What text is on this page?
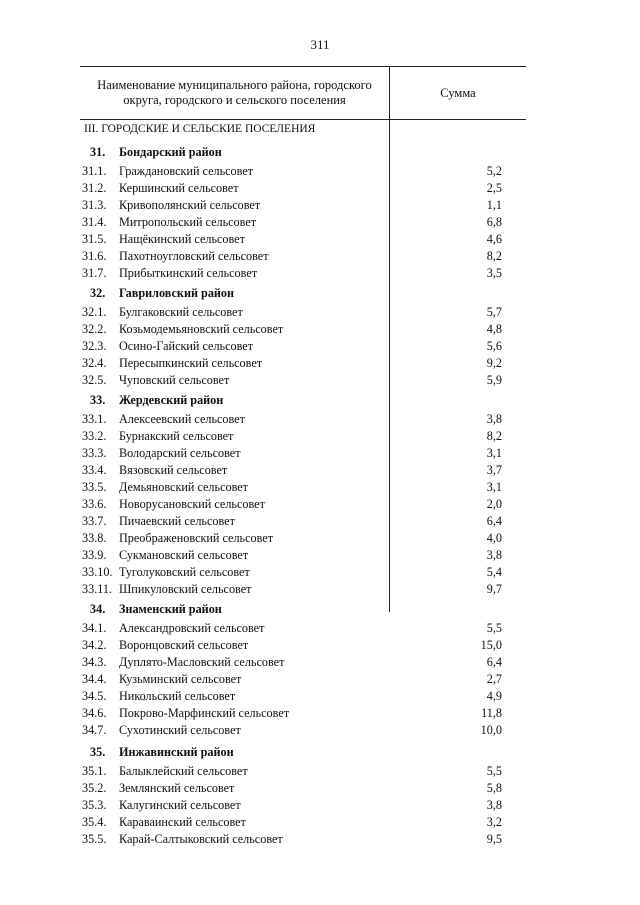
311
Наименование муниципального района, городского округа, городского и сельского поселения
Сумма
III. ГОРОДСКИЕ И СЕЛЬСКИЕ ПОСЕЛЕНИЯ
31.	Бондарский район
31.1.	Граждановский сельсовет	5,2
31.2.	Кершинский сельсовет	2,5
31.3.	Кривополянский сельсовет	1,1
31.4.	Митропольский сельсовет	6,8
31.5.	Нащёкинский сельсовет	4,6
31.6.	Пахотноугловский сельсовет	8,2
31.7.	Прибыткинский сельсовет	3,5
32.	Гавриловский район
32.1.	Булгаковский сельсовет	5,7
32.2.	Козьмодемьяновский сельсовет	4,8
32.3.	Осино-Гайский сельсовет	5,6
32.4.	Пересыпкинский сельсовет	9,2
32.5.	Чуповский сельсовет	5,9
33.	Жердевский район
33.1.	Алексеевский сельсовет	3,8
33.2.	Бурнакский сельсовет	8,2
33.3.	Володарский сельсовет	3,1
33.4.	Вязовский сельсовет	3,7
33.5.	Демьяновский сельсовет	3,1
33.6.	Новорусановский сельсовет	2,0
33.7.	Пичаевский сельсовет	6,4
33.8.	Преображеновский сельсовет	4,0
33.9.	Сукмановский сельсовет	3,8
33.10. Туголуковский сельсовет	5,4
33.11. Шпикуловский сельсовет	9,7
34.	Знаменский район
34.1.	Александровский сельсовет	5,5
34.2.	Воронцовский сельсовет	15,0
34.3.	Дуплято-Масловский сельсовет	6,4
34.4.	Кузьминский сельсовет	2,7
34.5.	Никольский сельсовет	4,9
34.6.	Покрово-Марфинский сельсовет	11,8
34.7.	Сухотинский сельсовет	10,0
35.	Инжавинский район
35.1.	Балыклейский сельсовет	5,5
35.2.	Землянский сельсовет	5,8
35.3.	Калугинский сельсовет	3,8
35.4.	Караваинский сельсовет	3,2
35.5.	Карай-Салтыковский сельсовет	9,5
